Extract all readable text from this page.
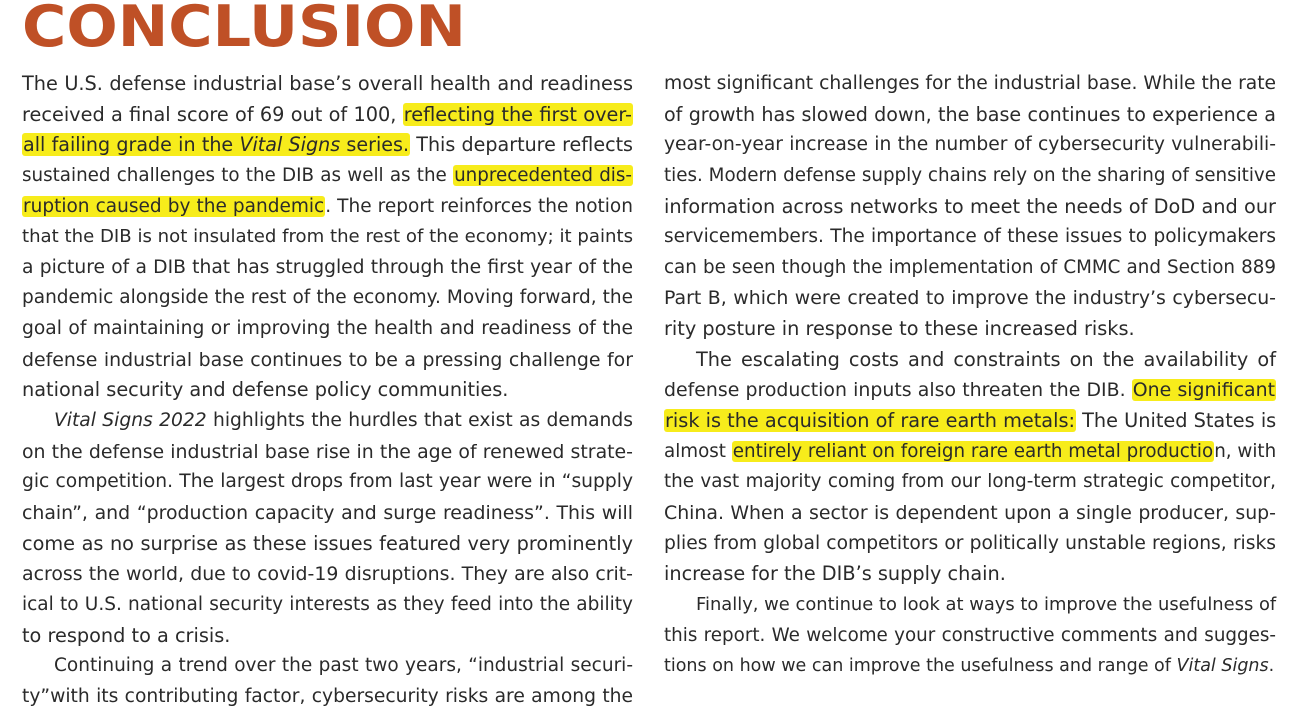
CONCLUSION
The U.S. defense industrial base’s overall health and readiness
received a final score of 69 out of 100, reflecting the first over-
all failing grade in the Vital Signs series. This departure reflects
sustained challenges to the DIB as well as the unprecedented dis-
ruption caused by the pandemic. The report reinforces the notion
that the DIB is not insulated from the rest of the economy; it paints
a picture of a DIB that has struggled through the first year of the
pandemic alongside the rest of the economy. Moving forward, the
goal of maintaining or improving the health and readiness of the
defense industrial base continues to be a pressing challenge for
national security and defense policy communities.
Vital Signs 2022 highlights the hurdles that exist as demands
on the defense industrial base rise in the age of renewed strate-
gic competition. The largest drops from last year were in “supply
chain”, and “production capacity and surge readiness”. This will
come as no surprise as these issues featured very prominently
across the world, due to covid-19 disruptions. They are also crit-
ical to U.S. national security interests as they feed into the ability
to respond to a crisis.
Continuing a trend over the past two years, “industrial securi-
ty”with its contributing factor, cybersecurity risks are among the
most significant challenges for the industrial base. While the rate
of growth has slowed down, the base continues to experience a
year-on-year increase in the number of cybersecurity vulnerabili-
ties. Modern defense supply chains rely on the sharing of sensitive
information across networks to meet the needs of DoD and our
servicemembers. The importance of these issues to policymakers
can be seen though the implementation of CMMC and Section 889
Part B, which were created to improve the industry’s cybersecu-
rity posture in response to these increased risks.
The escalating costs and constraints on the availability of
defense production inputs also threaten the DIB. One significant
risk is the acquisition of rare earth metals: The United States is
almost entirely reliant on foreign rare earth metal production, with
the vast majority coming from our long-term strategic competitor,
China. When a sector is dependent upon a single producer, sup-
plies from global competitors or politically unstable regions, risks
increase for the DIB’s supply chain.
Finally, we continue to look at ways to improve the usefulness of
this report. We welcome your constructive comments and sugges-
tions on how we can improve the usefulness and range of Vital Signs.
